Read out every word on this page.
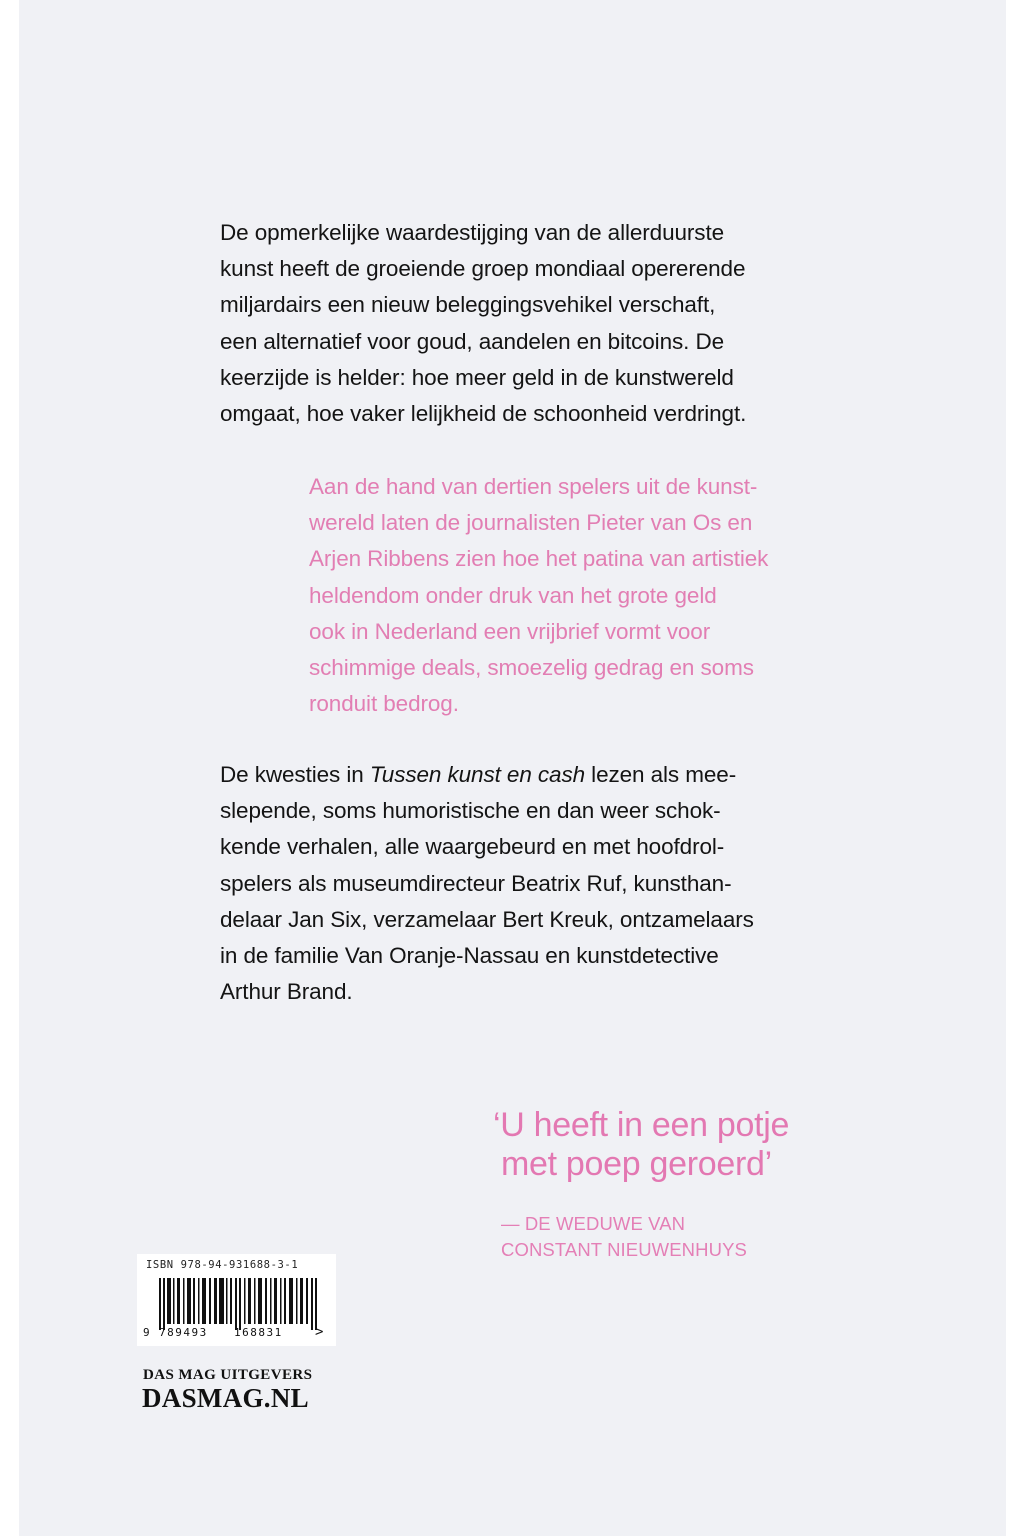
De opmerkelijke waardestijging van de allerduurste
kunst heeft de groeiende groep mondiaal opererende
miljardairs een nieuw beleggingsvehikel verschaft,
een alternatief voor goud, aandelen en bitcoins. De
keerzijde is helder: hoe meer geld in de kunstwereld
omgaat, hoe vaker lelijkheid de schoonheid verdringt.

Aan de hand van dertien spelers uit de kunst-
wereld laten de journalisten Pieter van Os en
Arjen Ribbens zien hoe het patina van artistiek
heldendom onder druk van het grote geld
ook in Nederland een vrijbrief vormt voor
schimmige deals, smoezelig gedrag en soms
ronduit bedrog.

De kwesties in Tussen kunst en cash lezen als mee-
slepende, soms humoristische en dan weer schok-
kende verhalen, alle waargebeurd en met hoofdrol-
spelers als museumdirecteur Beatrix Ruf, kunsthan-
delaar Jan Six, verzamelaar Bert Kreuk, ontzamelaars
in de familie Van Oranje-Nassau en kunstdetective
Arthur Brand.

‘U heeft in een potje
met poep geroerd’

— DE WEDUWE VAN
CONSTANT NIEUWENHUYS

ISBN 978-94-931688-3-1
9 789493 168831 >

DAS MAG UITGEVERS

DASMAG.NL
